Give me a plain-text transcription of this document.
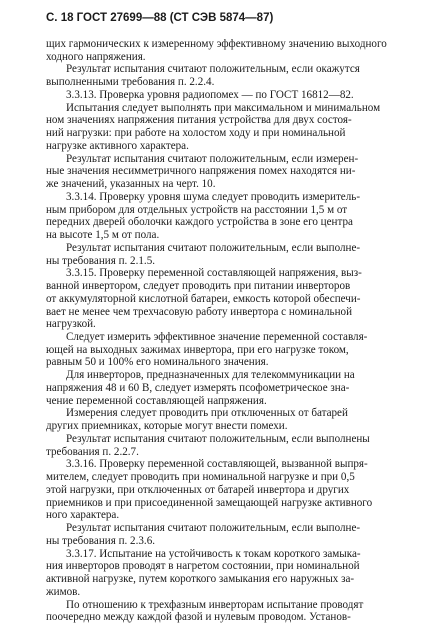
С. 18 ГОСТ 27699—88 (СТ СЭВ 5874—87)
щих гармонических к измеренному эффективному значению выходного
ходного напряжения.
Результат испытания считают положительным, если окажутся
выполненными требования п. 2.2.4.
3.3.13. Проверка уровня радиопомех — по ГОСТ 16812—82.
Испытания следует выполнять при максимальном и минимальном
ном значениях напряжения питания устройства для двух состоя-
ний нагрузки: при работе на холостом ходу и при номинальной
нагрузке активного характера.
Результат испытания считают положительным, если измерен-
ные значения несимметричного напряжения помех находятся ни-
же значений, указанных на черт. 10.
3.3.14. Проверку уровня шума следует проводить измеритель-
ным прибором для отдельных устройств на расстоянии 1,5 м от
передних дверей оболочки каждого устройства в зоне его центра
на высоте 1,5 м от пола.
Результат испытания считают положительным, если выполне-
ны требования п. 2.1.5.
3.3.15. Проверку переменной составляющей напряжения, выз-
ванной инвертором, следует проводить при питании инверторов
от аккумуляторной кислотной батареи, емкость которой обеспечи-
вает не менее чем трехчасовую работу инвертора с номинальной
нагрузкой.
Следует измерить эффективное значение переменной составля-
ющей на выходных зажимах инвертора, при его нагрузке током,
равным 50 и 100% его номинального значения.
Для инверторов, предназначенных для телекоммуникации на
напряжения 48 и 60 В, следует измерять псофометрическое зна-
чение переменной составляющей напряжения.
Измерения следует проводить при отключенных от батарей
других приемниках, которые могут внести помехи.
Результат испытания считают положительным, если выполнены
требования п. 2.2.7.
3.3.16. Проверку переменной составляющей, вызванной выпря-
мителем, следует проводить при номинальной нагрузке и при 0,5
этой нагрузки, при отключенных от батарей инвертора и других
приемников и при присоединенной замещающей нагрузке активного
ного характера.
Результат испытания считают положительным, если выполне-
ны требования п. 2.3.6.
3.3.17. Испытание на устойчивость к токам короткого замыка-
ния инверторов проводят в нагретом состоянии, при номинальной
активной нагрузке, путем короткого замыкания его наружных за-
жимов.
По отношению к трехфазным инверторам испытание проводят
поочередно между каждой фазой и нулевым проводом. Установ-
